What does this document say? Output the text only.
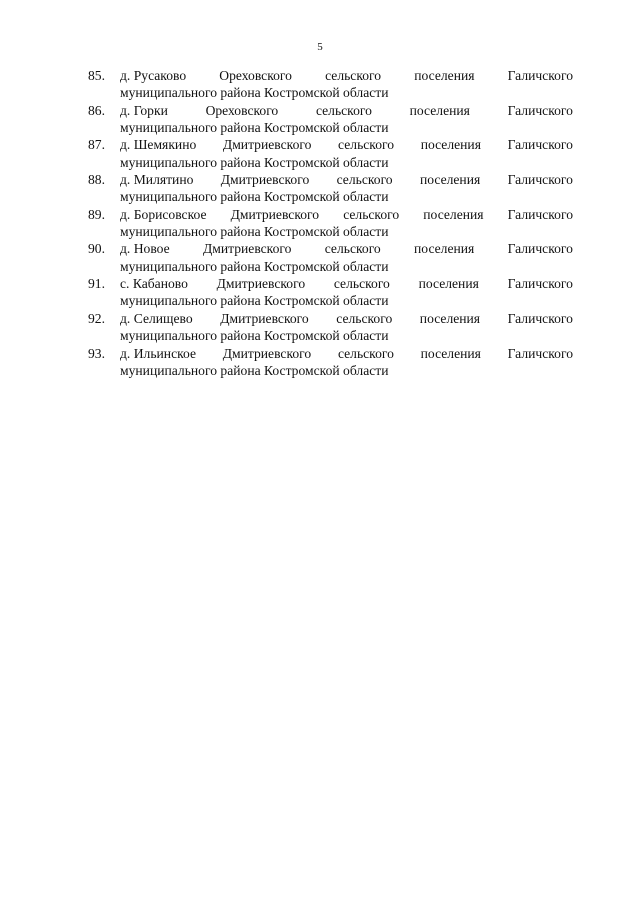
5
85.	д. Русаково Ореховского сельского поселения Галичского
муниципального района Костромской области
86.	д. Горки	Ореховского	сельского	поселения	Галичского
муниципального района Костромской области
87.	д. Шемякино Дмитриевского сельского поселения Галичского
муниципального района Костромской области
88.	д. Милятино Дмитриевского сельского поселения Галичского
муниципального района Костромской области
89.	д. Борисовское Дмитриевского сельского поселения Галичского
муниципального района Костромской области
90.	д. Новое Дмитриевского сельского поселения Галичского
муниципального района Костромской области
91.	с. Кабаново Дмитриевского сельского поселения Галичского
муниципального района Костромской области
92.	д. Селищево Дмитриевского сельского поселения Галичского
муниципального района Костромской области
93.	д. Ильинское Дмитриевского сельского поселения Галичского
муниципального района Костромской области
